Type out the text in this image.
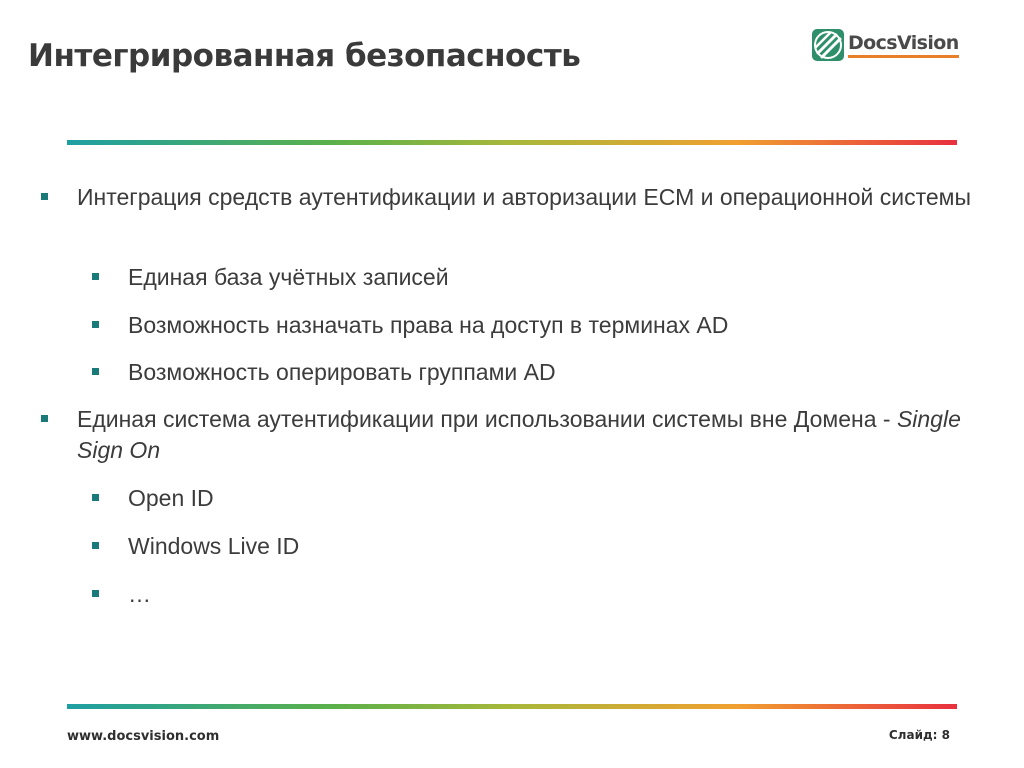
Интегрированная безопасность	DocsVision
Интеграция средств аутентификации и авторизации ЕСМ и операционной системы
Единая база учётных записей
Возможность назначать права на доступ в терминах AD
Возможность оперировать группами AD
Единая система аутентификации при использовании системы вне Домена - Single Sign On
Open ID
Windows Live ID
…
www.docsvision.com	Слайд: 8
